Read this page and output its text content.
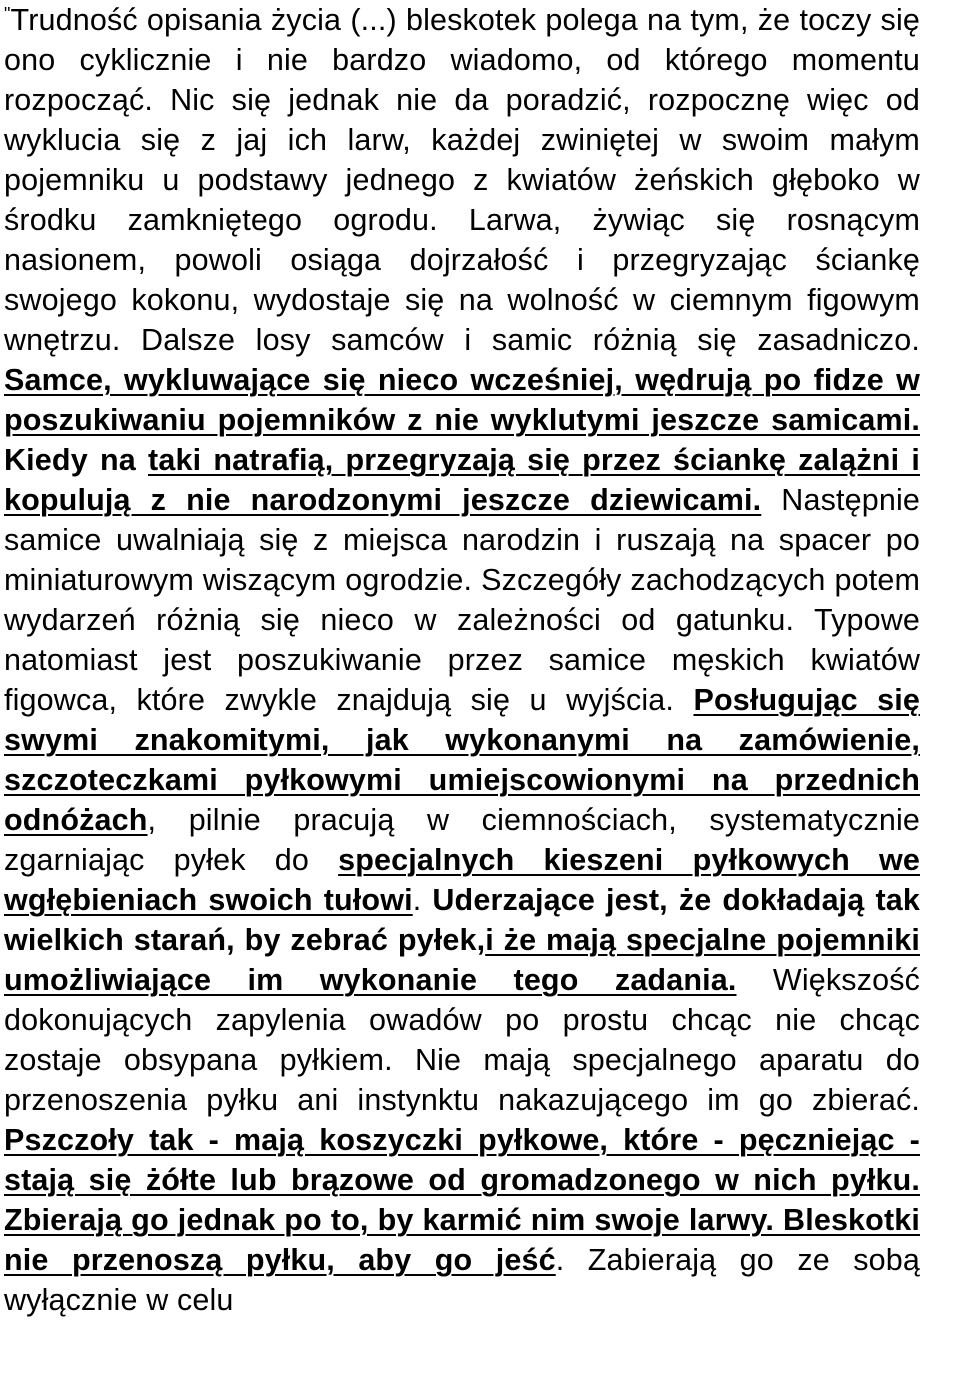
"Trudność opisania życia (...) bleskotek polega na tym, że toczy się ono cyklicznie i nie bardzo wiadomo, od którego momentu rozpocząć. Nic się jednak nie da poradzić, rozpocznę więc od wyklucia się z jaj ich larw, każdej zwiniętej w swoim małym pojemniku u podstawy jednego z kwiatów żeńskich głęboko w środku zamkniętego ogrodu. Larwa, żywiąc się rosnącym nasionem, powoli osiąga dojrzałość i przegryzając ściankę swojego kokonu, wydostaje się na wolność w ciemnym figowym wnętrzu. Dalsze losy samców i samic różnią się zasadniczo. Samce, wykluwające się nieco wcześniej, wędrują po fidze w poszukiwaniu pojemników z nie wyklutymi jeszcze samicami. Kiedy na taki natrafią, przegryzają się przez ściankę zalążni i kopulują z nie narodzonymi jeszcze dziewicami. Następnie samice uwalniają się z miejsca narodzin i ruszają na spacer po miniaturowym wiszącym ogrodzie. Szczegóły zachodzących potem wydarzeń różnią się nieco w zależności od gatunku. Typowe natomiast jest poszukiwanie przez samice męskich kwiatów figowca, które zwykle znajdują się u wyjścia. Posługując się swymi znakomitymi, jak wykonanymi na zamówienie, szczoteczkami pyłkowymi umiejscowionymi na przednich odnóżach, pilnie pracują w ciemnościach, systematycznie zgarniając pyłek do specjalnych kieszeni pyłkowych we wgłębieniach swoich tułowi. Uderzające jest, że dokładają tak wielkich starań, by zebrać pyłek,i że mają specjalne pojemniki umożliwiające im wykonanie tego zadania. Większość dokonujących zapylenia owadów po prostu chcąc nie chcąc zostaje obsypana pyłkiem. Nie mają specjalnego aparatu do przenoszenia pyłku ani instynktu nakazującego im go zbierać. Pszczoły tak - mają koszyczki pyłkowe, które - pęczniejąc - stają się żółte lub brązowe od gromadzonego w nich pyłku. Zbierają go jednak po to, by karmić nim swoje larwy. Bleskotki nie przenoszą pyłku, aby go jeść. Zabierają go ze sobą wyłącznie w celu
